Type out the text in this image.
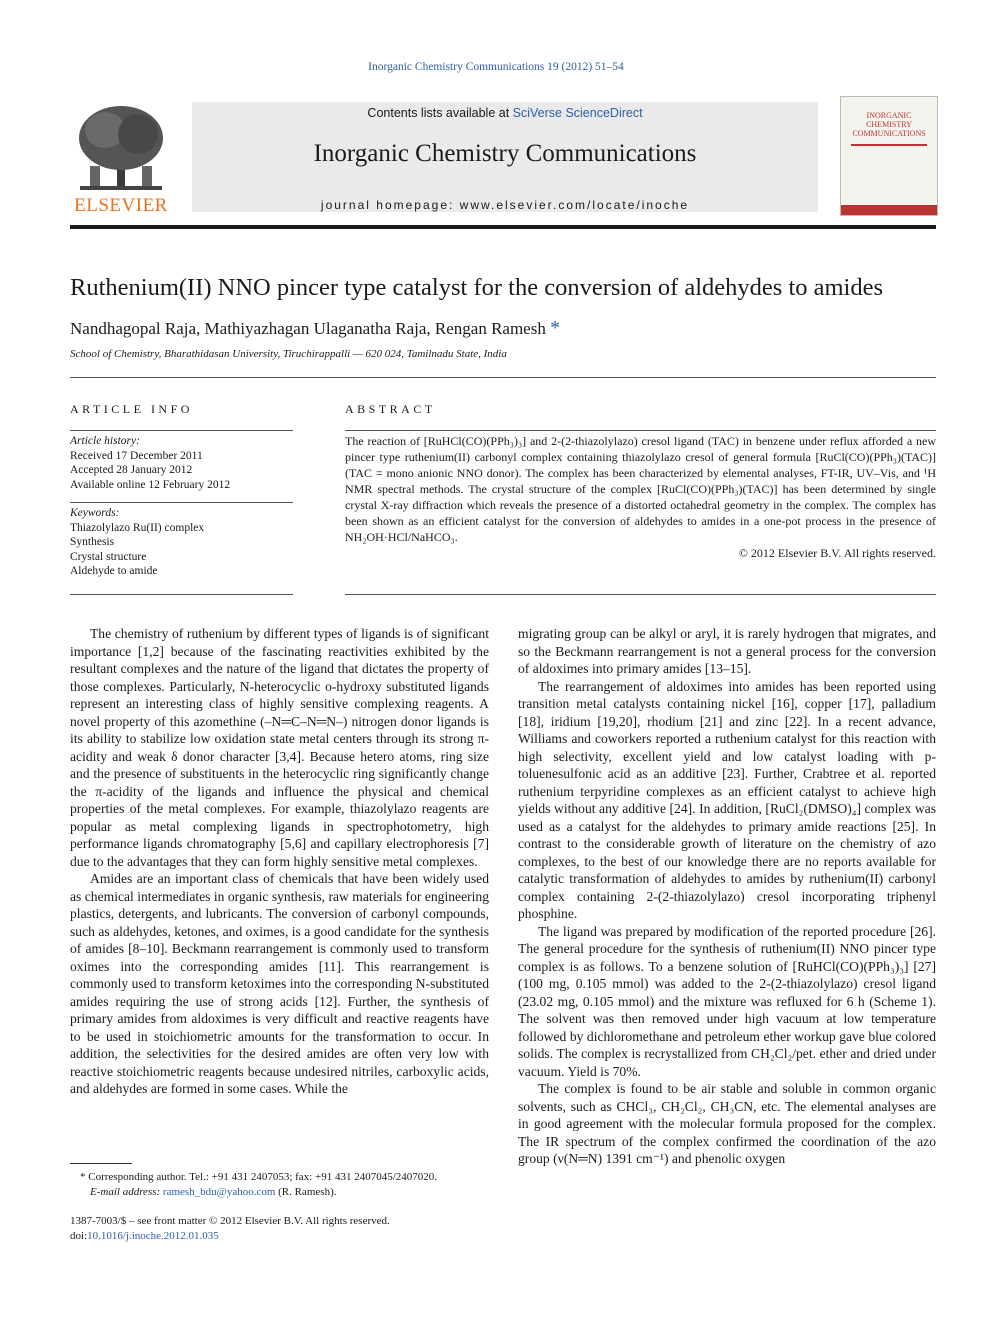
Inorganic Chemistry Communications 19 (2012) 51–54
ELSEVIER
Contents lists available at SciVerse ScienceDirect
Inorganic Chemistry Communications
journal homepage: www.elsevier.com/locate/inoche
INORGANIC
CHEMISTRY
COMMUNICATIONS
Ruthenium(II) NNO pincer type catalyst for the conversion of aldehydes to amides
Nandhagopal Raja, Mathiyazhagan Ulaganatha Raja, Rengan Ramesh *
School of Chemistry, Bharathidasan University, Tiruchirappalli — 620 024, Tamilnadu State, India
ARTICLE INFO
Article history:
Received 17 December 2011
Accepted 28 January 2012
Available online 12 February 2012
Keywords:
Thiazolylazo Ru(II) complex
Synthesis
Crystal structure
Aldehyde to amide
ABSTRACT
The reaction of [RuHCl(CO)(PPh₃)₃] and 2-(2-thiazolylazo) cresol ligand (TAC) in benzene under reflux afforded a new pincer type ruthenium(II) carbonyl complex containing thiazolylazo cresol of general formula [RuCl(CO)(PPh₃)(TAC)] (TAC = mono anionic NNO donor). The complex has been characterized by elemental analyses, FT-IR, UV–Vis, and ¹H NMR spectral methods. The crystal structure of the complex [RuCl(CO)(PPh₃)(TAC)] has been determined by single crystal X-ray diffraction which reveals the presence of a distorted octahedral geometry in the complex. The complex has been shown as an efficient catalyst for the conversion of aldehydes to amides in a one-pot process in the presence of NH₂OH·HCl/NaHCO₃.
© 2012 Elsevier B.V. All rights reserved.

The chemistry of ruthenium by different types of ligands is of significant importance [1,2] because of the fascinating reactivities exhibited by the resultant complexes and the nature of the ligand that dictates the property of those complexes. Particularly, N-heterocyclic o-hydroxy substituted ligands represent an interesting class of highly sensitive complexing reagents. A novel property of this azomethine (–N═C–N═N–) nitrogen donor ligands is its ability to stabilize low oxidation state metal centers through its strong π-acidity and weak δ donor character [3,4]. Because hetero atoms, ring size and the presence of substituents in the heterocyclic ring significantly change the π-acidity of the ligands and influence the physical and chemical properties of the metal complexes. For example, thiazolylazo reagents are popular as metal complexing ligands in spectrophotometry, high performance ligands chromatography [5,6] and capillary electrophoresis [7] due to the advantages that they can form highly sensitive metal complexes.

Amides are an important class of chemicals that have been widely used as chemical intermediates in organic synthesis, raw materials for engineering plastics, detergents, and lubricants. The conversion of carbonyl compounds, such as aldehydes, ketones, and oximes, is a good candidate for the synthesis of amides [8–10]. Beckmann rearrangement is commonly used to transform oximes into the corresponding amides [11]. This rearrangement is commonly used to transform ketoximes into the corresponding N-substituted amides requiring the use of strong acids [12]. Further, the synthesis of primary amides from aldoximes is very difficult and reactive reagents have to be used in stoichiometric amounts for the transformation to occur. In addition, the selectivities for the desired amides are often very low with reactive stoichiometric reagents because undesired nitriles, carboxylic acids, and aldehydes are formed in some cases. While the

migrating group can be alkyl or aryl, it is rarely hydrogen that migrates, and so the Beckmann rearrangement is not a general process for the conversion of aldoximes into primary amides [13–15].

The rearrangement of aldoximes into amides has been reported using transition metal catalysts containing nickel [16], copper [17], palladium [18], iridium [19,20], rhodium [21] and zinc [22]. In a recent advance, Williams and coworkers reported a ruthenium catalyst for this reaction with high selectivity, excellent yield and low catalyst loading with p-toluenesulfonic acid as an additive [23]. Further, Crabtree et al. reported ruthenium terpyridine complexes as an efficient catalyst to achieve high yields without any additive [24]. In addition, [RuCl₂(DMSO)₄] complex was used as a catalyst for the aldehydes to primary amide reactions [25]. In contrast to the considerable growth of literature on the chemistry of azo complexes, to the best of our knowledge there are no reports available for catalytic transformation of aldehydes to amides by ruthenium(II) carbonyl complex containing 2-(2-thiazolylazo) cresol incorporating triphenyl phosphine.

The ligand was prepared by modification of the reported procedure [26]. The general procedure for the synthesis of ruthenium(II) NNO pincer type complex is as follows. To a benzene solution of [RuHCl(CO)(PPh₃)₃] [27] (100 mg, 0.105 mmol) was added to the 2-(2-thiazolylazo) cresol ligand (23.02 mg, 0.105 mmol) and the mixture was refluxed for 6 h (Scheme 1). The solvent was then removed under high vacuum at low temperature followed by dichloromethane and petroleum ether workup gave blue colored solids. The complex is recrystallized from CH₂Cl₂/pet. ether and dried under vacuum. Yield is 70%.

The complex is found to be air stable and soluble in common organic solvents, such as CHCl₃, CH₂Cl₂, CH₃CN, etc. The elemental analyses are in good agreement with the molecular formula proposed for the complex. The IR spectrum of the complex confirmed the coordination of the azo group (ν(N═N) 1391 cm⁻¹) and phenolic oxygen

* Corresponding author. Tel.: +91 431 2407053; fax: +91 431 2407045/2407020.
E-mail address: ramesh_bdu@yahoo.com (R. Ramesh).
1387-7003/$ – see front matter © 2012 Elsevier B.V. All rights reserved.
doi:10.1016/j.inoche.2012.01.035
